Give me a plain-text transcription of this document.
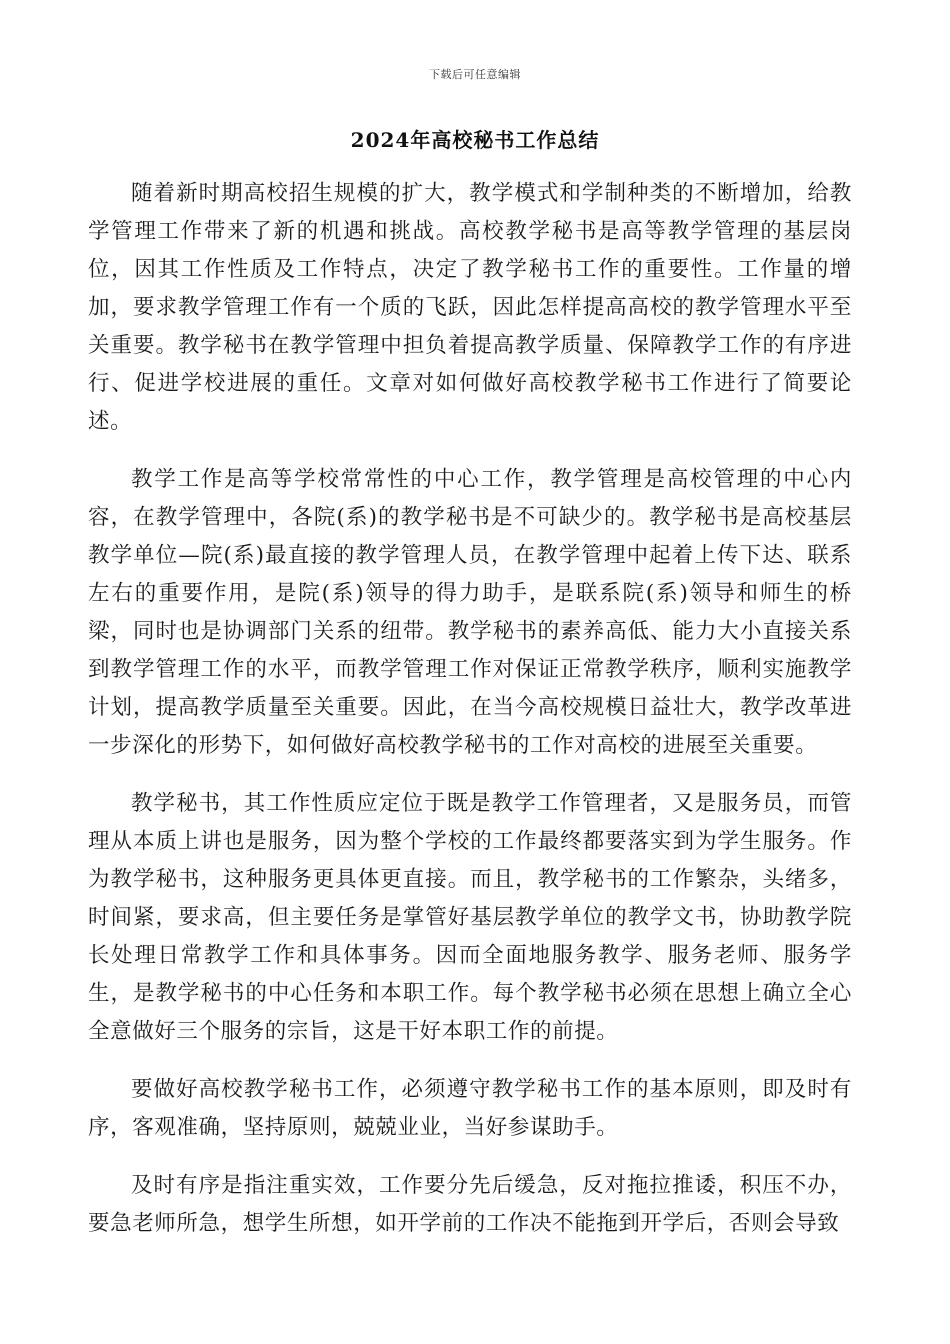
下载后可任意编辑
2024年高校秘书工作总结

随着新时期高校招生规模的扩大，教学模式和学制种类的不断增加，给教学管理工作带来了新的机遇和挑战。高校教学秘书是高等教学管理的基层岗位，因其工作性质及工作特点，决定了教学秘书工作的重要性。工作量的增加，要求教学管理工作有一个质的飞跃，因此怎样提高高校的教学管理水平至关重要。教学秘书在教学管理中担负着提高教学质量、保障教学工作的有序进行、促进学校进展的重任。文章对如何做好高校教学秘书工作进行了简要论述。

教学工作是高等学校常常性的中心工作，教学管理是高校管理的中心内容，在教学管理中，各院(系)的教学秘书是不可缺少的。教学秘书是高校基层教学单位—院(系)最直接的教学管理人员，在教学管理中起着上传下达、联系左右的重要作用，是院(系)领导的得力助手，是联系院(系)领导和师生的桥梁，同时也是协调部门关系的纽带。教学秘书的素养高低、能力大小直接关系到教学管理工作的水平，而教学管理工作对保证正常教学秩序，顺利实施教学计划，提高教学质量至关重要。因此，在当今高校规模日益壮大，教学改革进一步深化的形势下，如何做好高校教学秘书的工作对高校的进展至关重要。

教学秘书，其工作性质应定位于既是教学工作管理者，又是服务员，而管理从本质上讲也是服务，因为整个学校的工作最终都要落实到为学生服务。作为教学秘书，这种服务更具体更直接。而且，教学秘书的工作繁杂，头绪多，时间紧，要求高，但主要任务是掌管好基层教学单位的教学文书，协助教学院长处理日常教学工作和具体事务。因而全面地服务教学、服务老师、服务学生，是教学秘书的中心任务和本职工作。每个教学秘书必须在思想上确立全心全意做好三个服务的宗旨，这是干好本职工作的前提。

要做好高校教学秘书工作，必须遵守教学秘书工作的基本原则，即及时有序，客观准确，坚持原则，兢兢业业，当好参谋助手。

及时有序是指注重实效，工作要分先后缓急，反对拖拉推诿，积压不办，要急老师所急，想学生所想，如开学前的工作决不能拖到开学后，否则会导致
